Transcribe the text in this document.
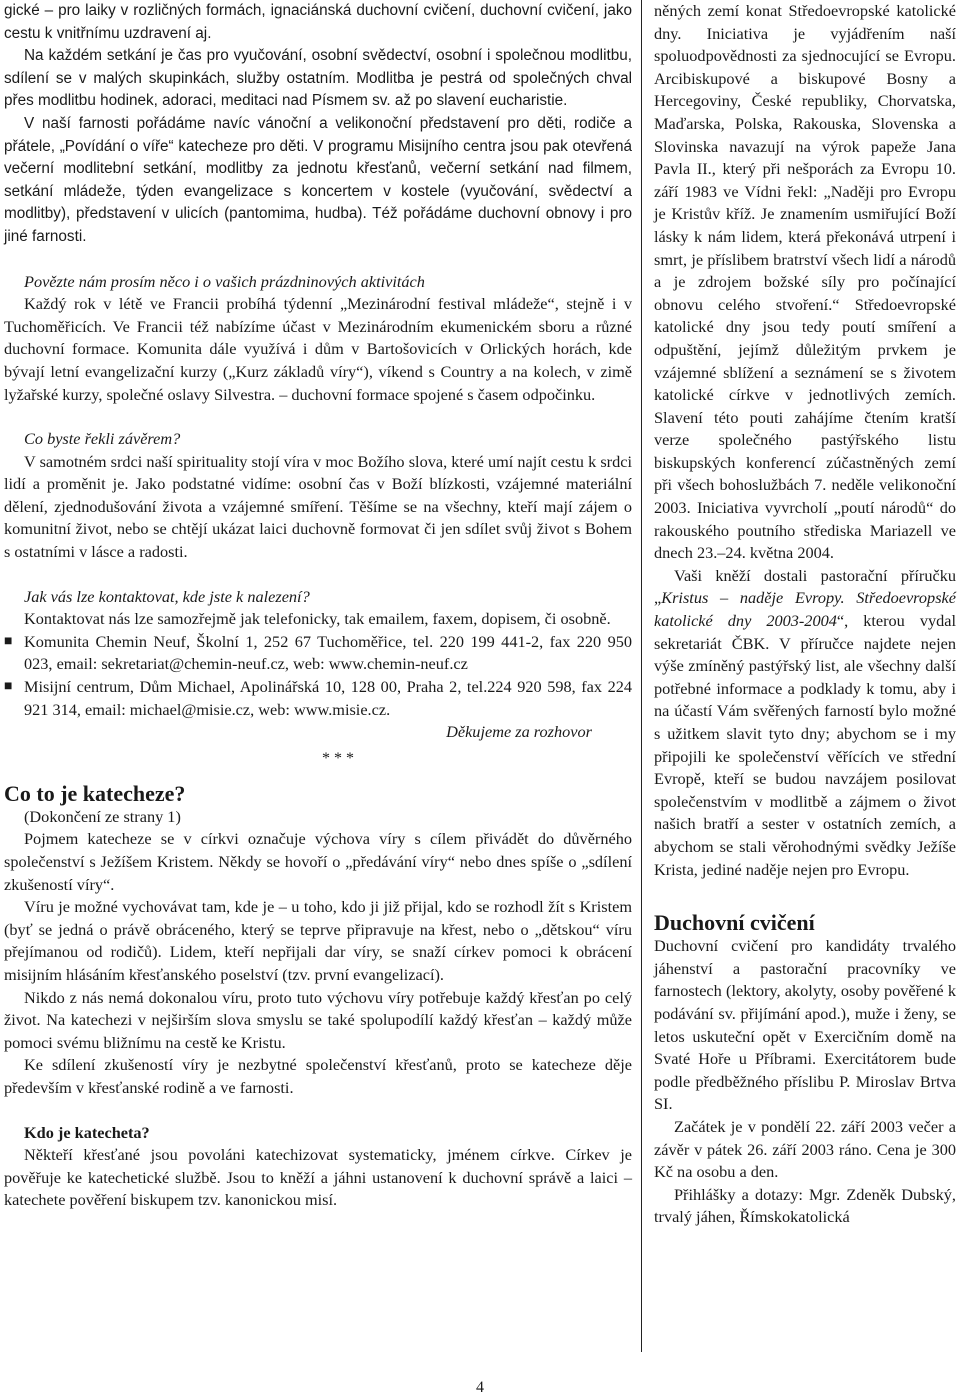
gické – pro laiky v rozličných formách, ignaciánská duchovní cvičení, duchovní cvičení, jako cestu k vnitřnímu uzdravení aj.

Na každém setkání je čas pro vyučování, osobní svědectví, osobní i společnou modlitbu, sdílení se v malých skupinkách, služby ostatním. Modlitba je pestrá od společných chval přes modlitbu hodinek, adoraci, meditaci nad Písmem sv. až po slavení eucharistie.

V naší farnosti pořádáme navíc vánoční a velikonoční představení pro děti, rodiče a přátele, „Povídání o víře“ katecheze pro děti. V programu Misijního centra jsou pak otevřená večerní modlitební setkání, modlitby za jednotu křesťanů, večerní setkání nad filmem, setkání mládeže, týden evangelizace s koncertem v kostele (vyučování, svědectví a modlitby), představení v ulicích (pantomima, hudba). Též pořádáme duchovní obnovy i pro jiné farnosti.

Povězte nám prosím něco i o vašich prázdninových aktivitách

Každý rok v létě ve Francii probíhá týdenní „Mezinárodní festival mládeže“, stejně i v Tuchoměřicích. Ve Francii též nabízíme účast v Mezinárodním ekumenickém sboru a různé duchovní formace. Komunita dále využívá i dům v Bartošovicích v Orlických horách, kde bývají letní evangelizační kurzy („Kurz základů víry“), víkend s Country a na kolech, v zimě lyžařské kurzy, společné oslavy Silvestra. – duchovní formace spojené s časem odpočinku.

Co byste řekli závěrem?

V samotném srdci naší spirituality stojí víra v moc Božího slova, které umí najít cestu k srdci lidí a proměnit je. Jako podstatné vidíme: osobní čas v Boží blízkosti, vzájemné materiální dělení, zjednodušování života a vzájemné smíření. Těšíme se na všechny, kteří mají zájem o komunitní život, nebo se chtějí ukázat laici duchovně formovat či jen sdílet svůj život s Bohem s ostatními v lásce a radosti.

Jak vás lze kontaktovat, kde jste k nalezení?

Kontaktovat nás lze samozřejmě jak telefonicky, tak emailem, faxem, dopisem, či osobně.

■ Komunita Chemin Neuf, Školní 1, 252 67 Tuchoměřice, tel. 220 199 441-2, fax 220 950 023, email: sekretariat@chemin-neuf.cz, web: www.chemin-neuf.cz
■ Misijní centrum, Dům Michael, Apolinářská 10, 128 00, Praha 2, tel.224 920 598, fax 224 921 314, email: michael@misie.cz, web: www.misie.cz.

Děkujeme za rozhovor

* * *

Co to je katecheze?

(Dokončení ze strany 1)

Pojmem katecheze se v církvi označuje výchova víry s cílem přivádět do důvěrného společenství s Ježíšem Kristem. Někdy se hovoří o „předávání víry“ nebo dnes spíše o „sdílení zkušeností víry“.

Víru je možné vychovávat tam, kde je – u toho, kdo ji již přijal, kdo se rozhodl žít s Kristem (byť se jedná o právě obráceného, který se teprve připravuje na křest, nebo o „dětskou“ víru přejímanou od rodičů). Lidem, kteří nepřijali dar víry, se snaží církev pomoci k obrácení misijním hlásáním křesťanského poselství (tzv. první evangelizací).

Nikdo z nás nemá dokonalou víru, proto tuto výchovu víry potřebuje každý křesťan po celý život. Na katechezi v nejširším slova smyslu se také spolupodílí každý křesťan – každý může pomoci svému bližnímu na cestě ke Kristu.

Ke sdílení zkušeností víry je nezbytné společenství křesťanů, proto se katecheze děje především v křesťanské rodině a ve farnosti.

Kdo je katecheta?

Někteří křesťané jsou povoláni katechizovat systematicky, jménem církve. Církev je pověřuje ke katechetické službě. Jsou to kněží a jáhni ustanovení k duchovní správě a laici – katechete pověření biskupem tzv. kanonickou misí.

něných zemí konat Středoevropské katolické dny. Iniciativa je vyjádřením naší spoluodpovědnosti za sjednocující se Evropu. Arcibiskupové a biskupové Bosny a Hercegoviny, České republiky, Chorvatska, Maďarska, Polska, Rakouska, Slovenska a Slovinska navazují na výrok papeže Jana Pavla II., který při nešporách za Evropu 10. září 1983 ve Vídni řekl: „Naději pro Evropu je Kristův kříž. Je znamením usmiřující Boží lásky k nám lidem, která překonává utrpení i smrt, je příslibem bratrství všech lidí a národů a je zdrojem božské síly pro počínající obnovu celého stvoření.“ Středoevropské katolické dny jsou tedy poutí smíření a odpuštění, jejímž důležitým prvkem je vzájemné sblížení a seznámení se s životem katolické církve v jednotlivých zemích. Slavení této pouti zahájíme čtením kratší verze společného pastýřského listu biskupských konferencí zúčastněných zemí při všech bohoslužbách 7. neděle velikonoční 2003. Iniciativa vyvrcholí „poutí národů“ do rakouského poutního střediska Mariazell ve dnech 23.–24. května 2004.

Vaši kněží dostali pastorační příručku „Kristus – naděje Evropy. Středoevropské katolické dny 2003-2004“, kterou vydal sekretariát ČBK. V příručce najdete nejen výše zmíněný pastýřský list, ale všechny další potřebné informace a podklady k tomu, aby i na účastí Vám svěřených farností bylo možné s užitkem slavit tyto dny; abychom se i my připojili ke společenství věřících ve střední Evropě, kteří se budou navzájem posilovat společenstvím v modlitbě a zájmem o život našich bratří a sester v ostatních zemích, a abychom se stali věrohodnými svědky Ježíše Krista, jediné naděje nejen pro Evropu.

Duchovní cvičení

Duchovní cvičení pro kandidáty trvalého jáhenství a pastorační pracovníky ve farnostech (lektory, akolyty, osoby pověřené k podávání sv. přijímání apod.), muže i ženy, se letos uskuteční opět v Exercičním domě na Svaté Hoře u Příbrami. Exercitátorem bude podle předběžného příslibu P. Miroslav Brtva SI.

Začátek je v pondělí 22. září 2003 večer a závěr v pátek 26. září 2003 ráno. Cena je 300 Kč na osobu a den.

Přihlášky a dotazy: Mgr. Zdeněk Dubský, trvalý jáhen, Římskokatolická

4
